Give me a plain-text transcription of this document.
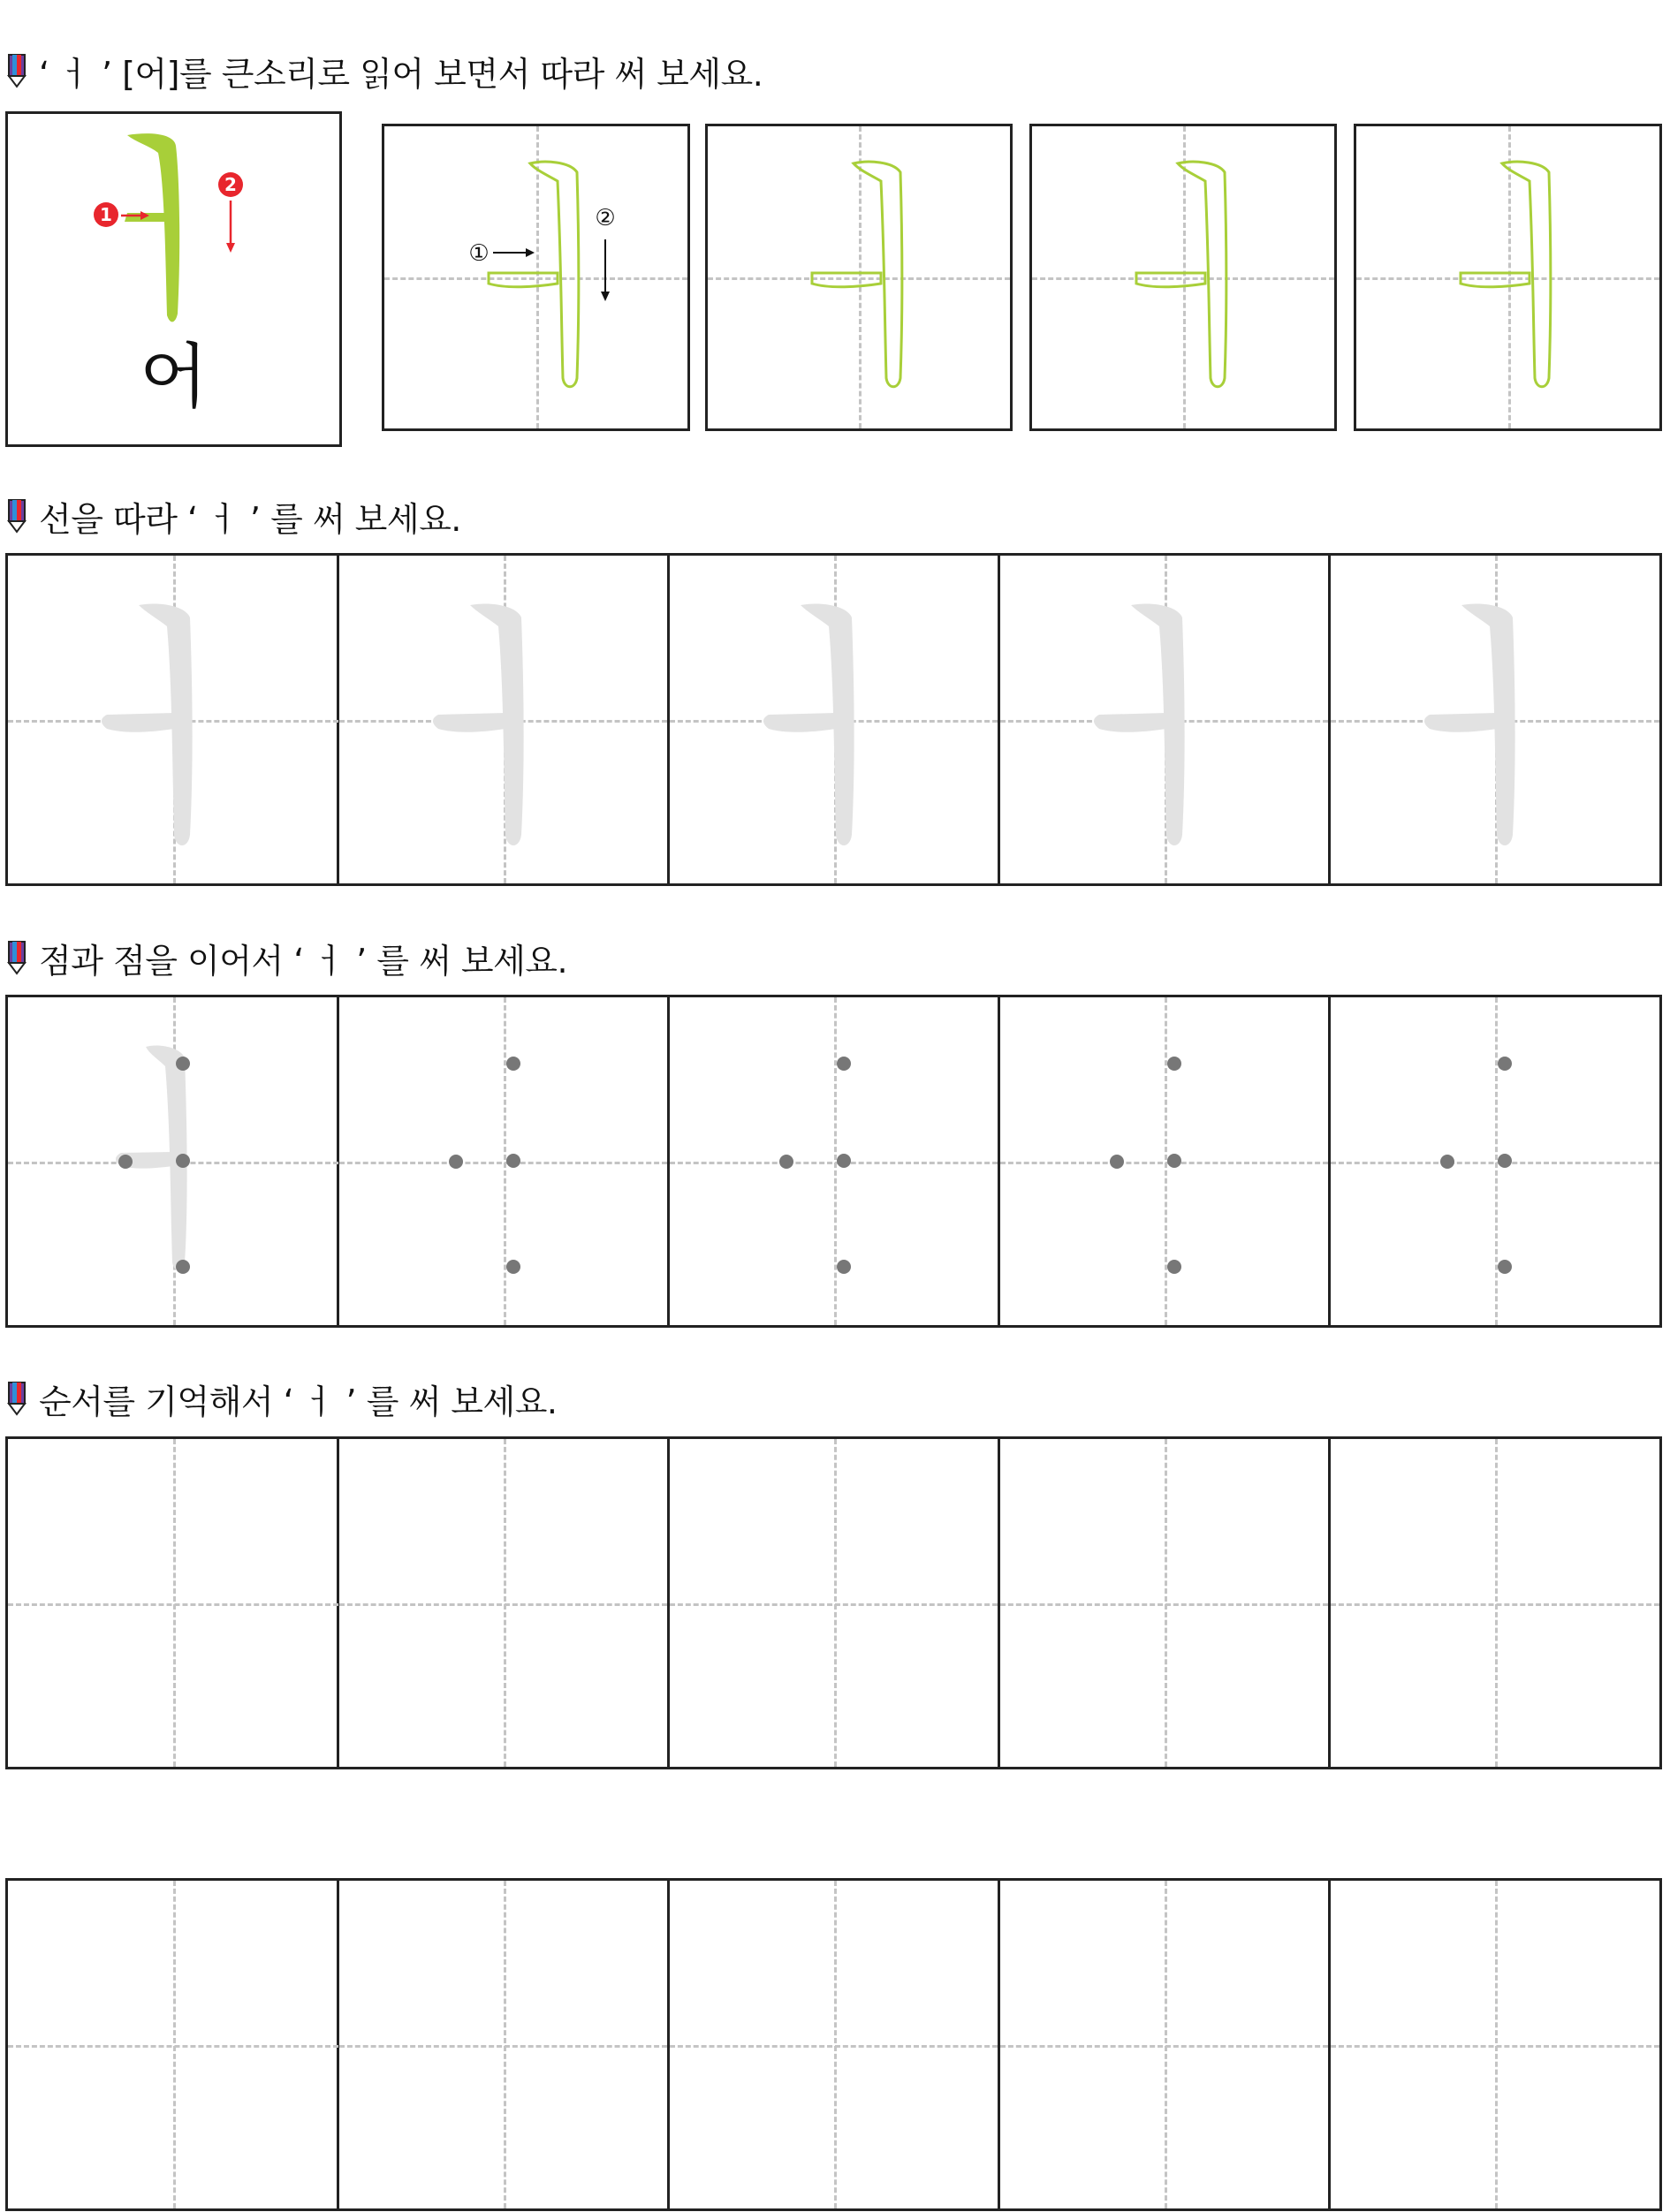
‘ ㅓ ’ [어]를 큰소리로 읽어 보면서 따라 써 보세요.
1
2
어
①
②
선을 따라 ‘ ㅓ ’ 를 써 보세요.
점과 점을 이어서 ‘ ㅓ ’ 를 써 보세요.
순서를 기억해서 ‘ ㅓ ’ 를 써 보세요.
